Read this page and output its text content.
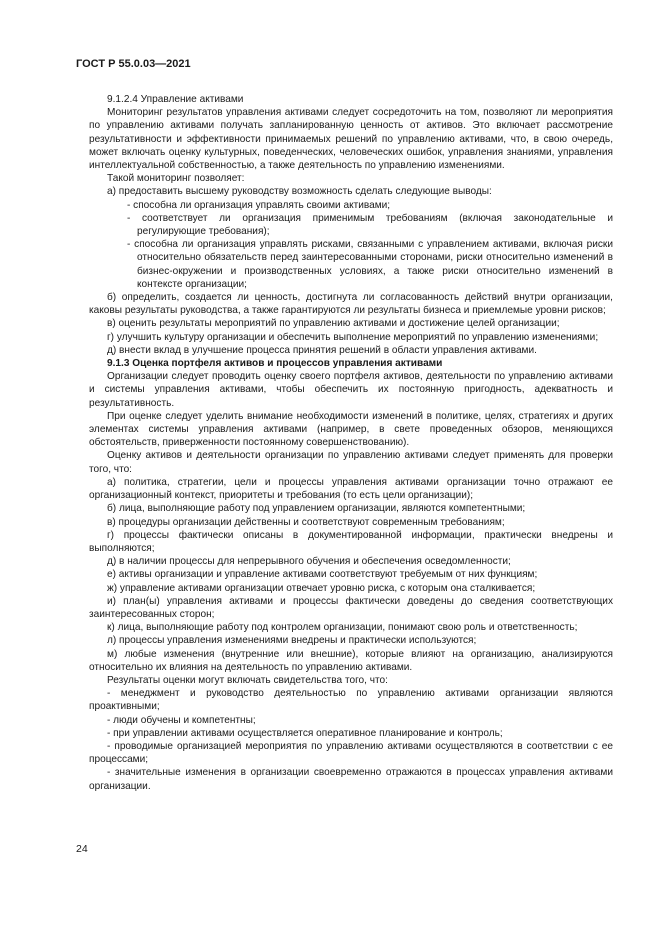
ГОСТ Р 55.0.03—2021

9.1.2.4 Управление активами

Мониторинг результатов управления активами следует сосредоточить на том, позволяют ли мероприятия по управлению активами получать запланированную ценность от активов. Это включает рассмотрение результативности и эффективности принимаемых решений по управлению активами, что, в свою очередь, может включать оценку культурных, поведенческих, человеческих ошибок, управления знаниями, управления интеллектуальной собственностью, а также деятельность по управлению изменениями.

Такой мониторинг позволяет:

а) предоставить высшему руководству возможность сделать следующие выводы:

- способна ли организация управлять своими активами;

- соответствует ли организация применимым требованиям (включая законодательные и регулирующие требования);

- способна ли организация управлять рисками, связанными с управлением активами, включая риски относительно обязательств перед заинтересованными сторонами, риски относительно изменений в бизнес-окружении и производственных условиях, а также риски относительно изменений в контексте организации;

б) определить, создается ли ценность, достигнута ли согласованность действий внутри организации, каковы результаты руководства, а также гарантируются ли результаты бизнеса и приемлемые уровни рисков;

в) оценить результаты мероприятий по управлению активами и достижение целей организации;

г) улучшить культуру организации и обеспечить выполнение мероприятий по управлению изменениями;

д) внести вклад в улучшение процесса принятия решений в области управления активами.

9.1.3 Оценка портфеля активов и процессов управления активами

Организации следует проводить оценку своего портфеля активов, деятельности по управлению активами и системы управления активами, чтобы обеспечить их постоянную пригодность, адекватность и результативность.

При оценке следует уделить внимание необходимости изменений в политике, целях, стратегиях и других элементах системы управления активами (например, в свете проведенных обзоров, меняющихся обстоятельств, приверженности постоянному совершенствованию).

Оценку активов и деятельности организации по управлению активами следует применять для проверки того, что:

а) политика, стратегии, цели и процессы управления активами организации точно отражают ее организационный контекст, приоритеты и требования (то есть цели организации);

б) лица, выполняющие работу под управлением организации, являются компетентными;

в) процедуры организации действенны и соответствуют современным требованиям;

г) процессы фактически описаны в документированной информации, практически внедрены и выполняются;

д) в наличии процессы для непрерывного обучения и обеспечения осведомленности;

е) активы организации и управление активами соответствуют требуемым от них функциям;

ж) управление активами организации отвечает уровню риска, с которым она сталкивается;

и) план(ы) управления активами и процессы фактически доведены до сведения соответствующих заинтересованных сторон;

к) лица, выполняющие работу под контролем организации, понимают свою роль и ответственность;

л) процессы управления изменениями внедрены и практически используются;

м) любые изменения (внутренние или внешние), которые влияют на организацию, анализируются относительно их влияния на деятельность по управлению активами.

Результаты оценки могут включать свидетельства того, что:

- менеджмент и руководство деятельностью по управлению активами организации являются проактивными;

- люди обучены и компетентны;

- при управлении активами осуществляется оперативное планирование и контроль;

- проводимые организацией мероприятия по управлению активами осуществляются в соответствии с ее процессами;

- значительные изменения в организации своевременно отражаются в процессах управления активами организации.

24
